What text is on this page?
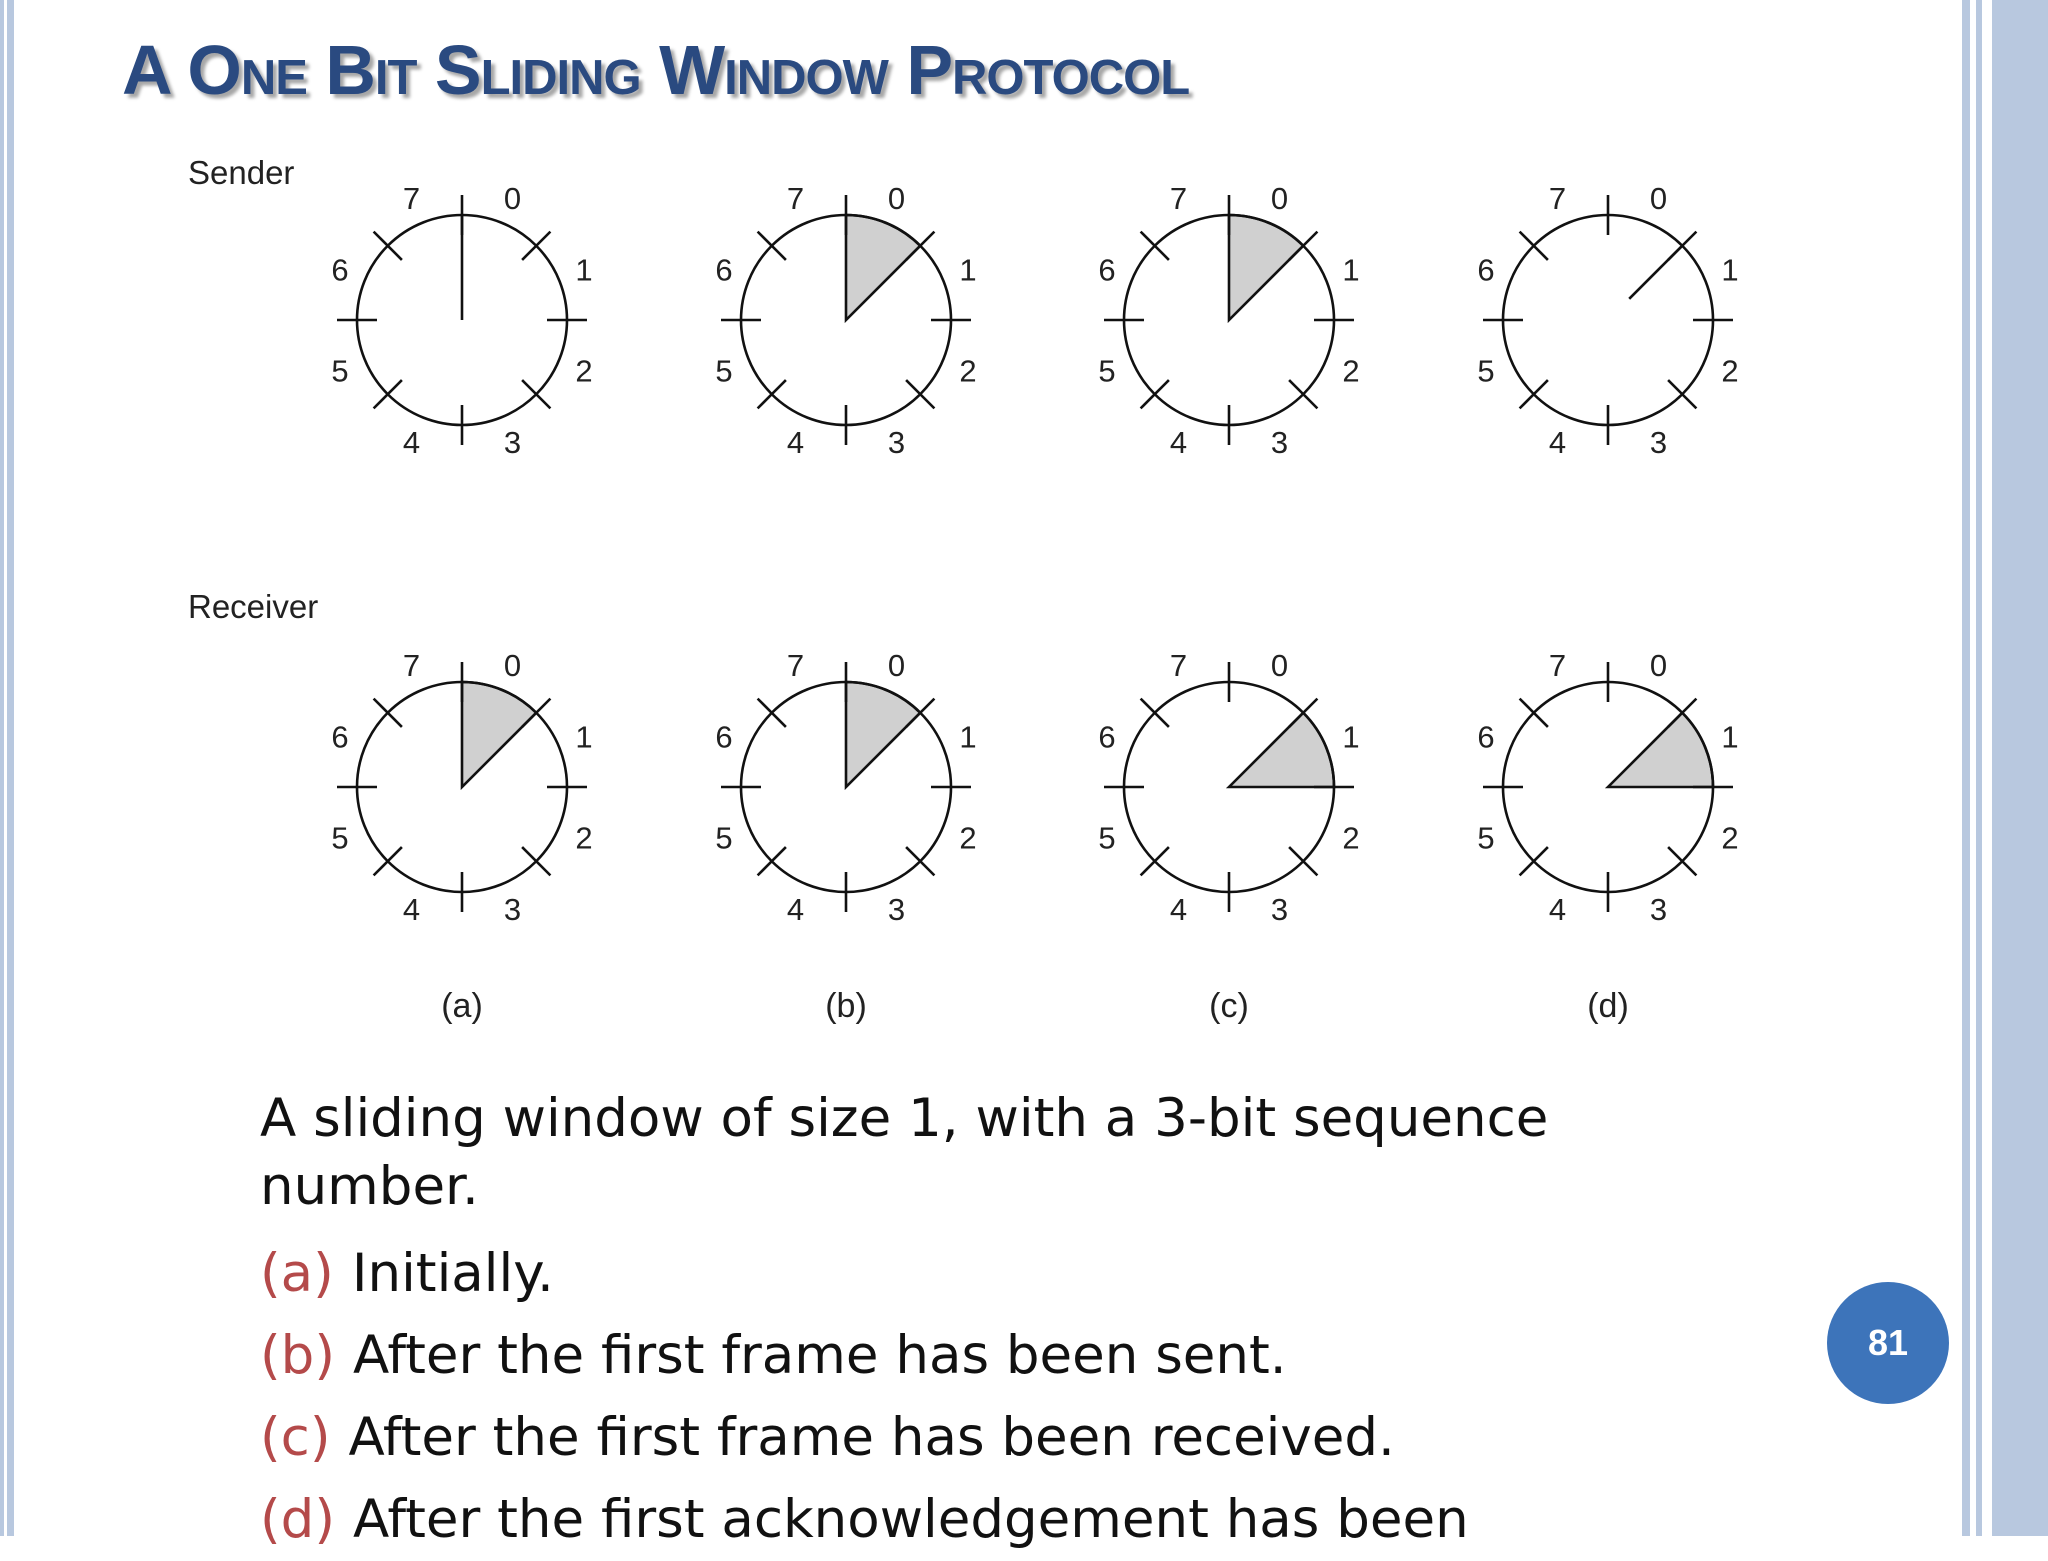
A One Bit Sliding Window Protocol
Sender
Receiver
(a)	(b)	(c)	(d)
0
1
2
3
4
5
6
7
0
1
2
3
4
5
6
7
0
1
2
3
4
5
6
7
0
1
2
3
4
5
6
7
0
1
2
3
4
5
6
7
0
1
2
3
4
5
6
7
0
1
2
3
4
5
6
7
0
1
2
3
4
5
6
7

A sliding window of size 1, with a 3-bit sequence number.

(a) Initially.
(b) After the first frame has been sent.
(c) After the first frame has been received.
(d) After the first acknowledgement has been
81
